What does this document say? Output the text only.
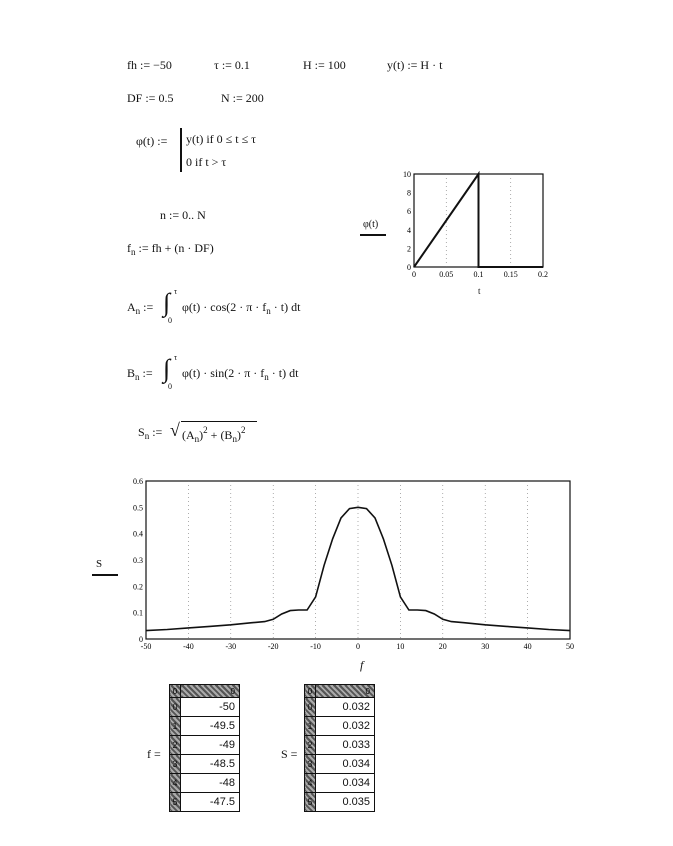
fh := −50	τ := 0.1	H := 100	y(t) := H · t
DF := 0.5	N := 200
φ(t) := y(t) if 0 ≤ t ≤ τ
0 if t > τ
n := 0.. N
$f_n$ := fh + (n · DF)
$A_n$ := ∫ τ
0
$\varphi(t) \cdot \cos(2 \cdot \pi \cdot f_n \cdot t)$ dt
$B_n$ := ∫ τ
0
$\varphi(t) \cdot \sin(2 \cdot \pi \cdot f_n \cdot t)$ dt
$S_n$ := √ $(A_n)^2 + (B_n)^2$
φ(t)
0	0.05	0.1	0.15	0.2
0
2
4
6
8
10
t
S
f
f =
0	0
0	-50
1	-49.5
2	-49
3	-48.5
4	-48
5	-47.5
S =
0	0
0	0.032
1	0.032
2	0.033
3	0.034
4	0.034
5	0.035
-50	-40	-30	-20	-10	0	10	20	30	40	50
0
0.1
0.2
0.3
0.4
0.5
0.6
